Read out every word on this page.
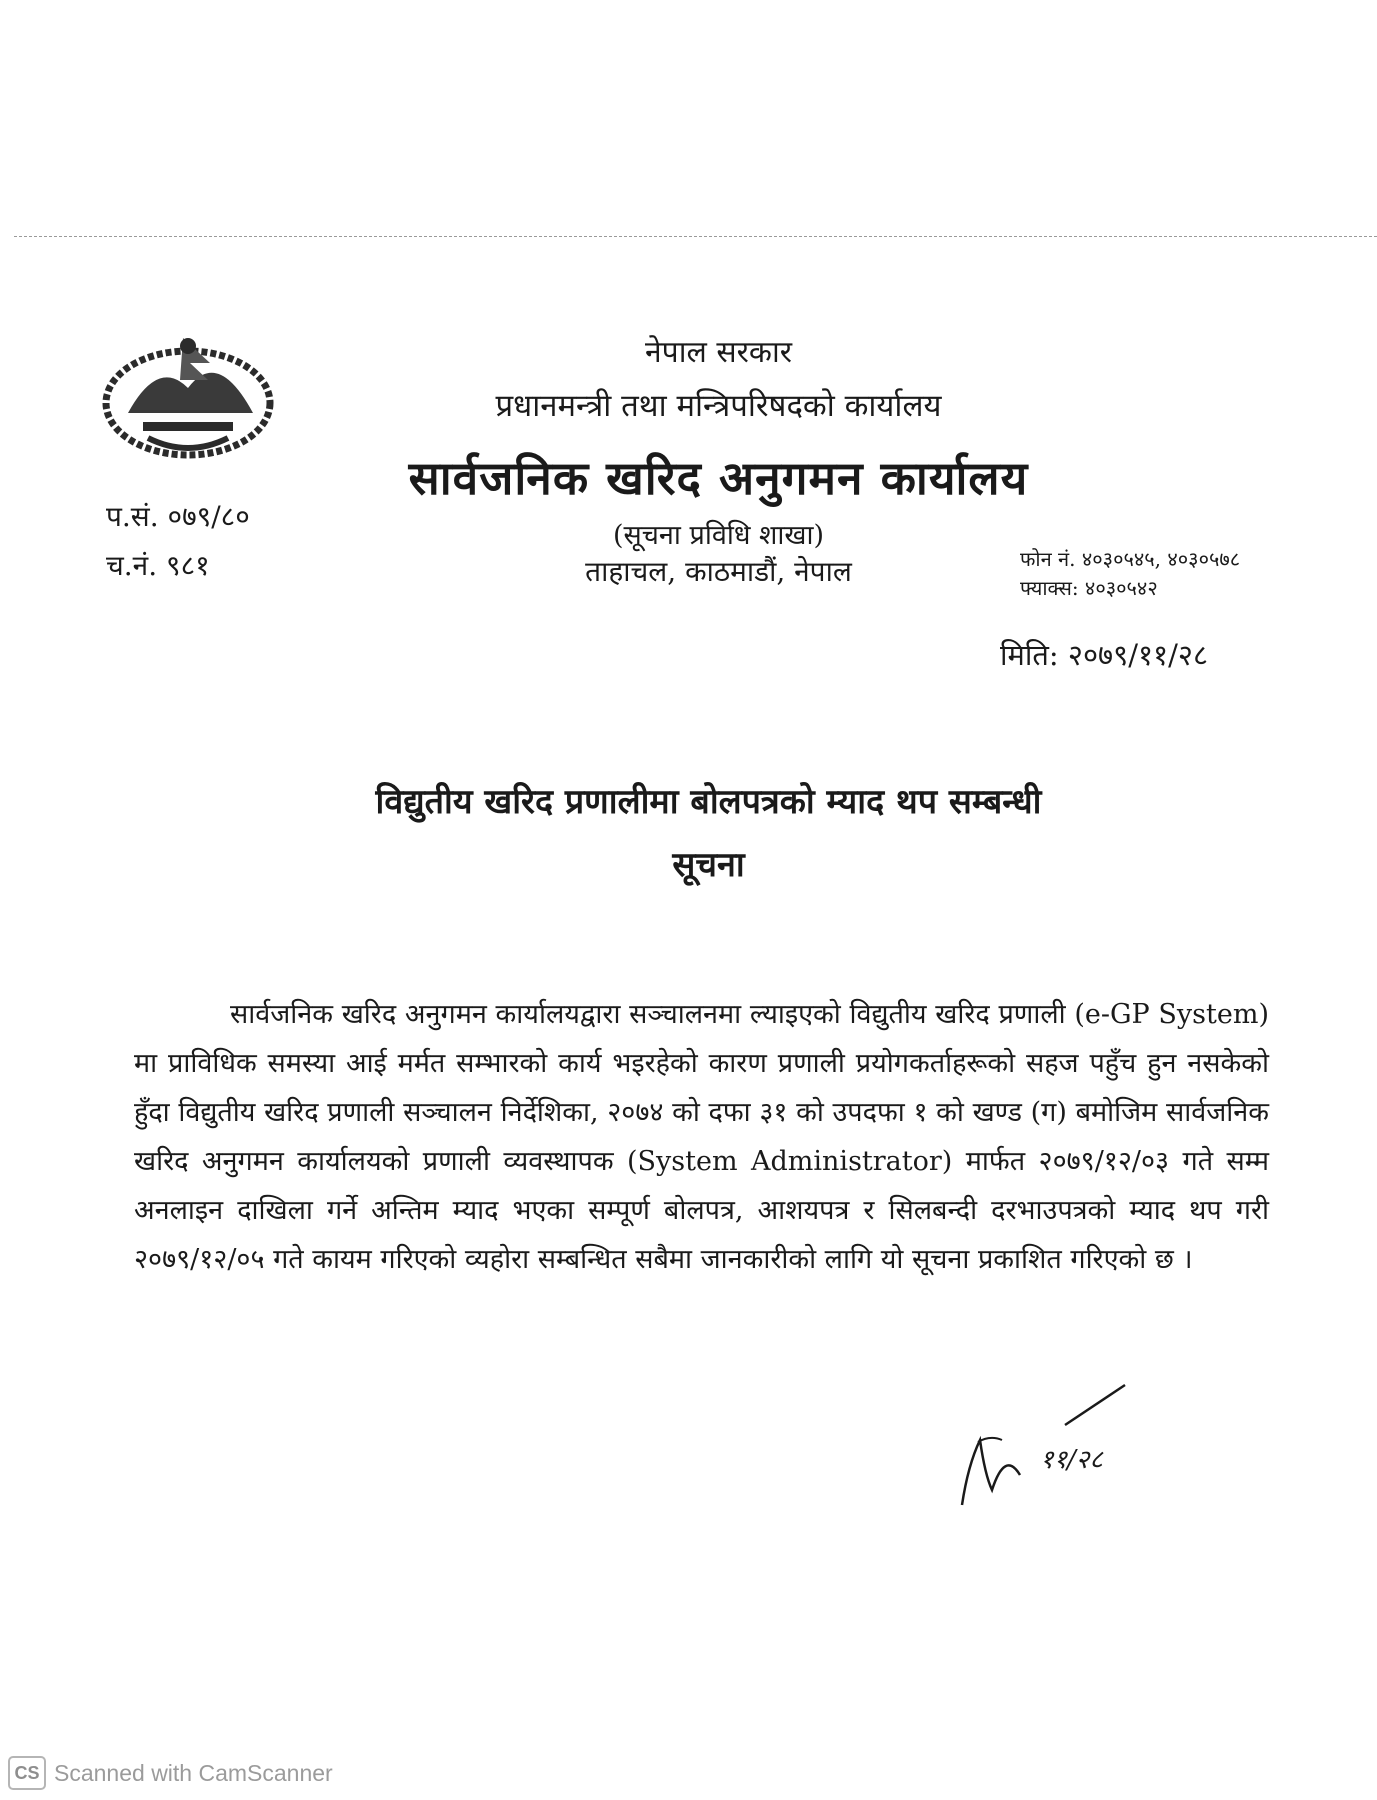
नेपाल सरकार
प्रधानमन्त्री तथा मन्त्रिपरिषदको कार्यालय
सार्वजनिक खरिद अनुगमन कार्यालय
(सूचना प्रविधि शाखा)
ताहाचल, काठमाडौं, नेपाल
प.सं. ०७९/८०
च.नं. ९८१	फोन नं. ४०३०५४५, ४०३०५७८
फ्याक्स: ४०३०५४२
मिति: २०७९/११/२८
विद्युतीय खरिद प्रणालीमा बोलपत्रको म्याद थप सम्बन्धी
सूचना
सार्वजनिक खरिद अनुगमन कार्यालयद्वारा सञ्चालनमा ल्याइएको विद्युतीय खरिद प्रणाली (e-GP System) मा प्राविधिक समस्या आई मर्मत सम्भारको कार्य भइरहेको कारण प्रणाली प्रयोगकर्ताहरूको सहज पहुँच हुन नसकेको हुँदा विद्युतीय खरिद प्रणाली सञ्चालन निर्देशिका, २०७४ को दफा ३१ को उपदफा १ को खण्ड (ग) बमोजिम सार्वजनिक खरिद अनुगमन कार्यालयको प्रणाली व्यवस्थापक (System Administrator) मार्फत २०७९/१२/०३ गते सम्म अनलाइन दाखिला गर्ने अन्तिम म्याद भएका सम्पूर्ण बोलपत्र, आशयपत्र र सिलबन्दी दरभाउपत्रको म्याद थप गरी २०७९/१२/०५ गते कायम गरिएको व्यहोरा सम्बन्धित सबैमा जानकारीको लागि यो सूचना प्रकाशित गरिएको छ ।
११/२८
CS Scanned with CamScanner
